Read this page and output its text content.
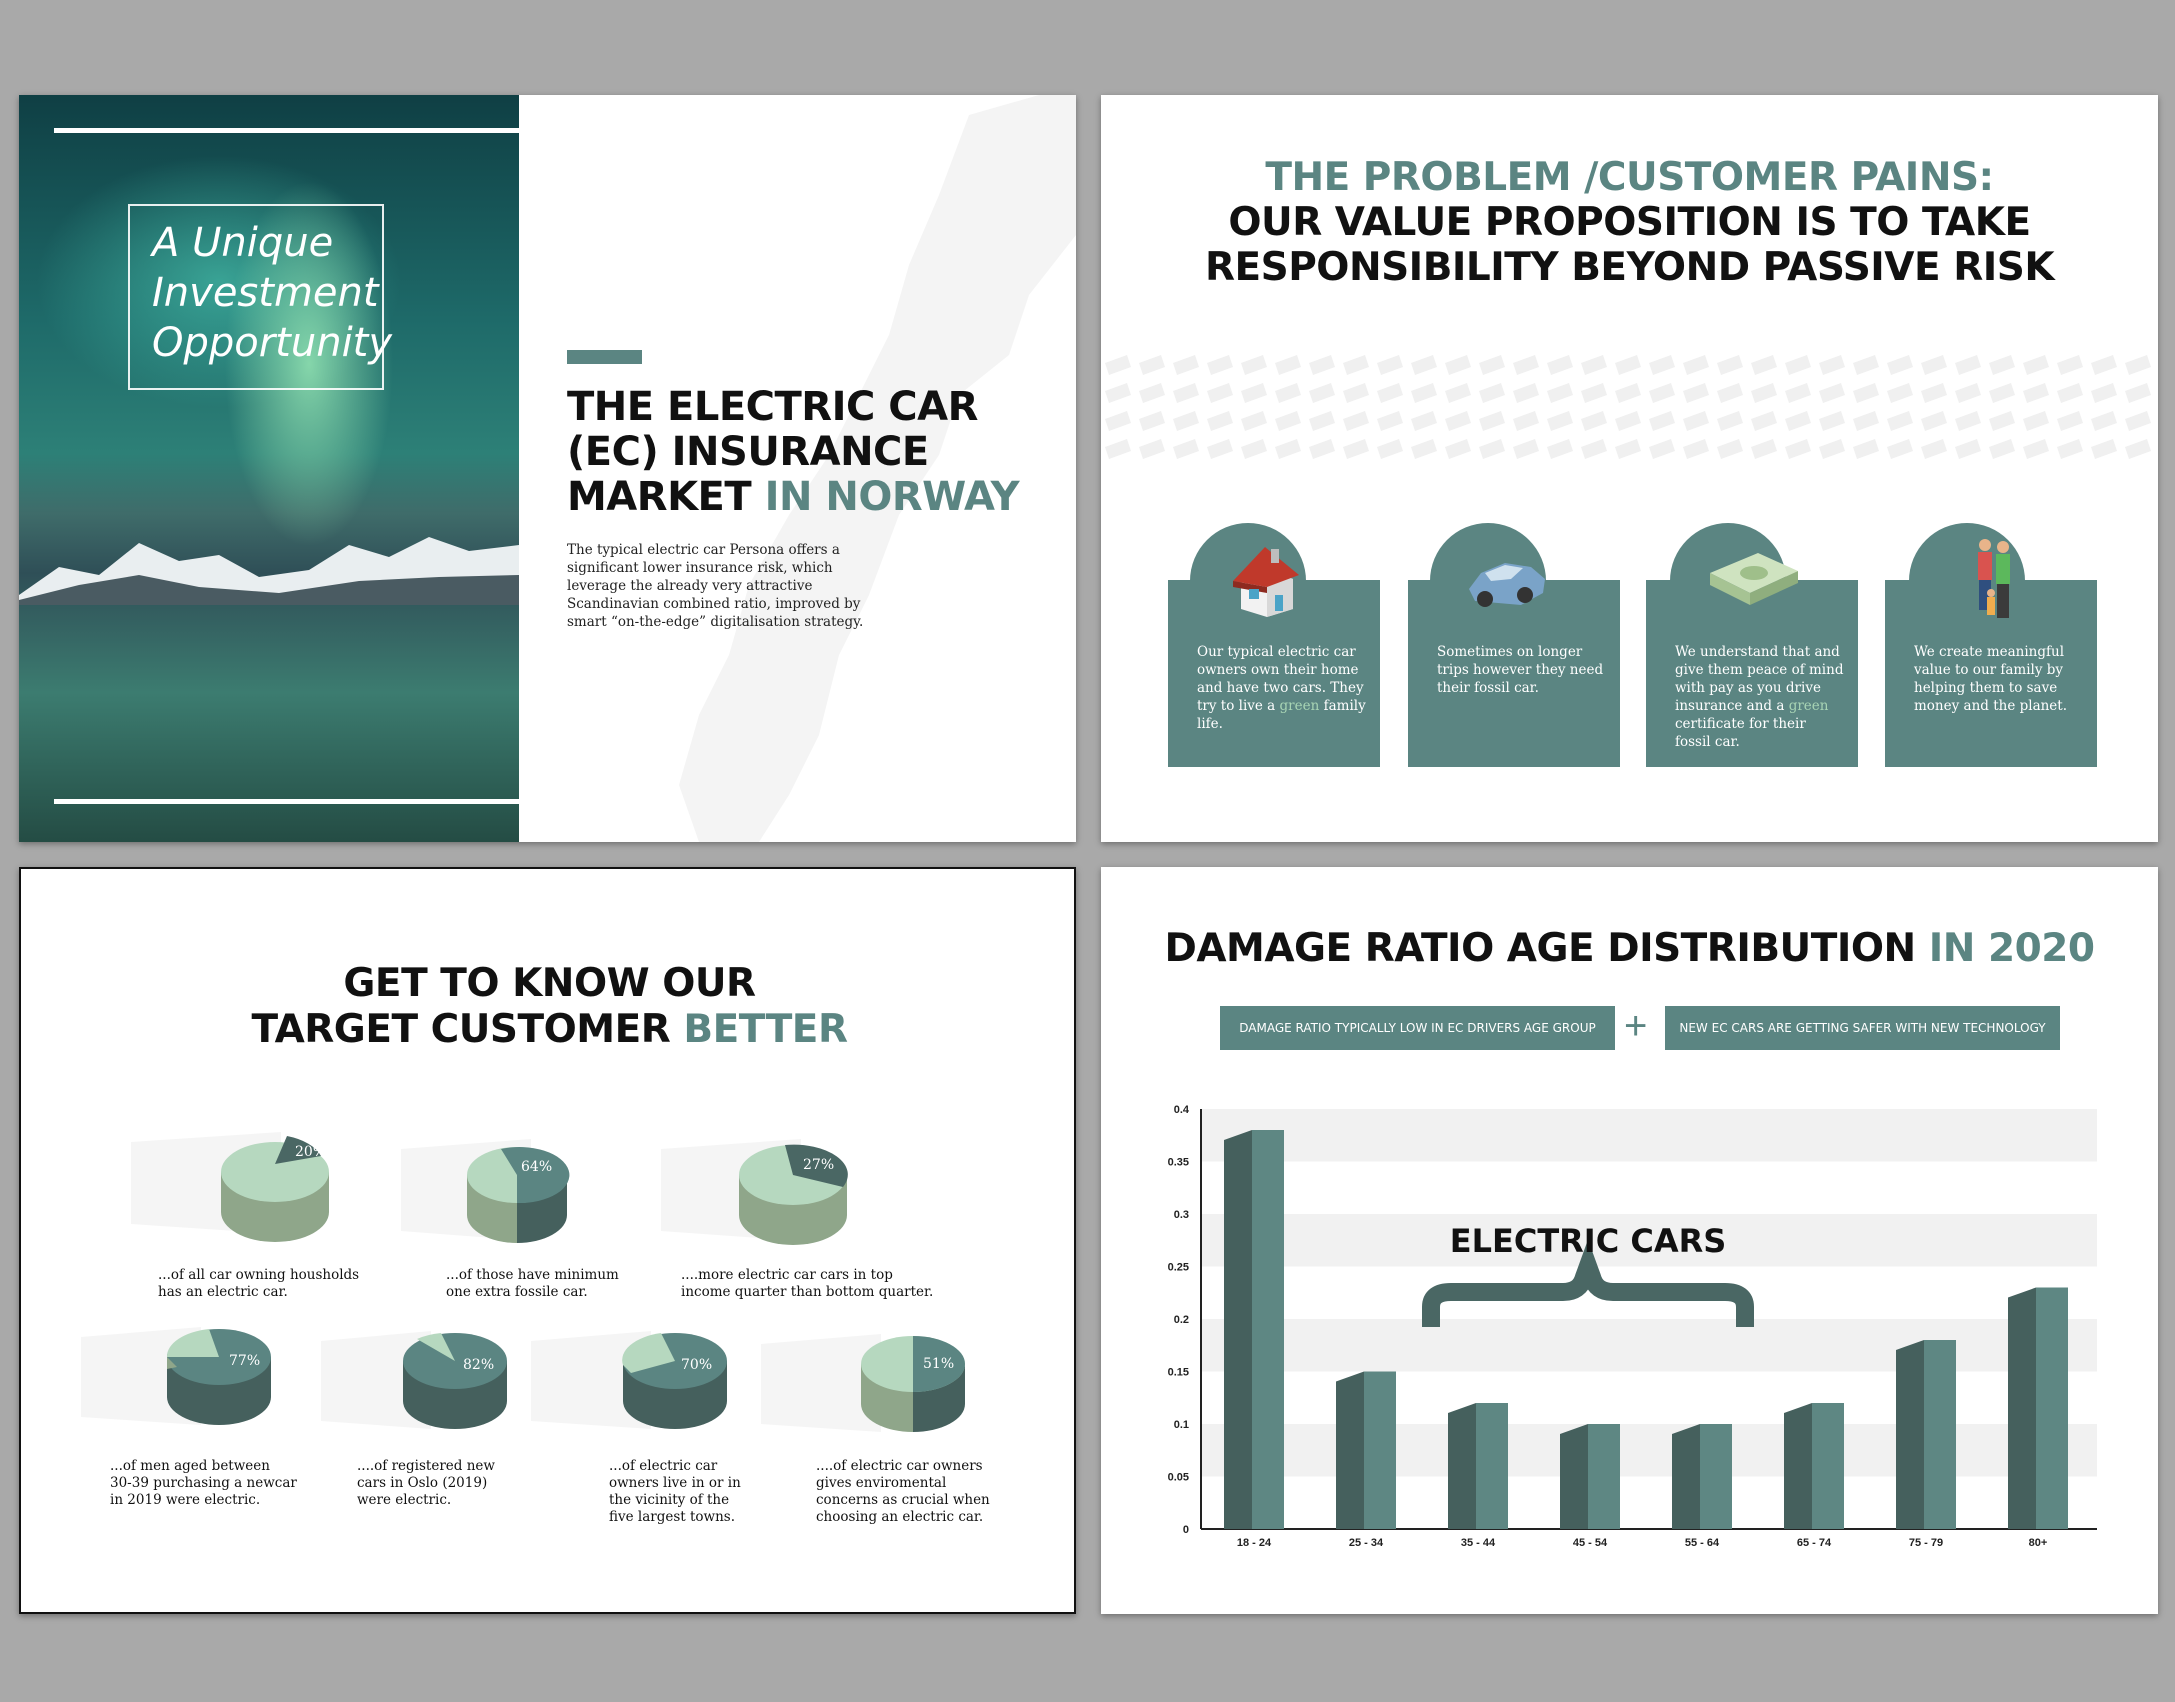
A Unique
Investment
Opportunity
THE ELECTRIC CAR
(EC) INSURANCE
MARKET IN NORWAY
The typical electric car Persona offers a significant lower insurance risk, which leverage the already very attractive Scandinavian combined ratio, improved by smart “on-the-edge” digitalisation strategy.
THE PROBLEM /CUSTOMER PAINS:
OUR VALUE PROPOSITION IS TO TAKE
RESPONSIBILITY BEYOND PASSIVE RISK
Our typical electric car owners own their home and have two cars. They try to live a green family life.
Sometimes on longer trips however they need their fossil car.
We understand that and give them peace of mind with pay as you drive insurance and a green certificate for their fossil car.
We create meaningful value to our family by helping them to save money and the planet.
GET TO KNOW OUR
TARGET CUSTOMER BETTER
20%
...of all car owning housholds
has an electric car.
64%
...of those have minimum
one extra fossile car.
27%
....more electric car cars in top
income quarter than bottom quarter.
77%
...of men aged between
30-39 purchasing a newcar
in 2019 were electric.
82%
....of registered new
cars in Oslo (2019)
were electric.
70%
...of electric car
owners live in or in
the vicinity of the
five largest towns.
51%
....of electric car owners
gives enviromental
concerns as crucial when
choosing an electric car.
DAMAGE RATIO AGE DISTRIBUTION IN 2020
DAMAGE RATIO TYPICALLY LOW IN EC DRIVERS AGE GROUP +	NEW EC CARS ARE GETTING SAFER WITH NEW TECHNOLOGY
0
0.05
0.1
0.15
0.2
0.25
0.3
0.35
0.4
18 - 24	25 - 34	35 - 44	45 - 54	55 - 64	65 - 74	75 - 79	80+
ELECTRIC CARS
